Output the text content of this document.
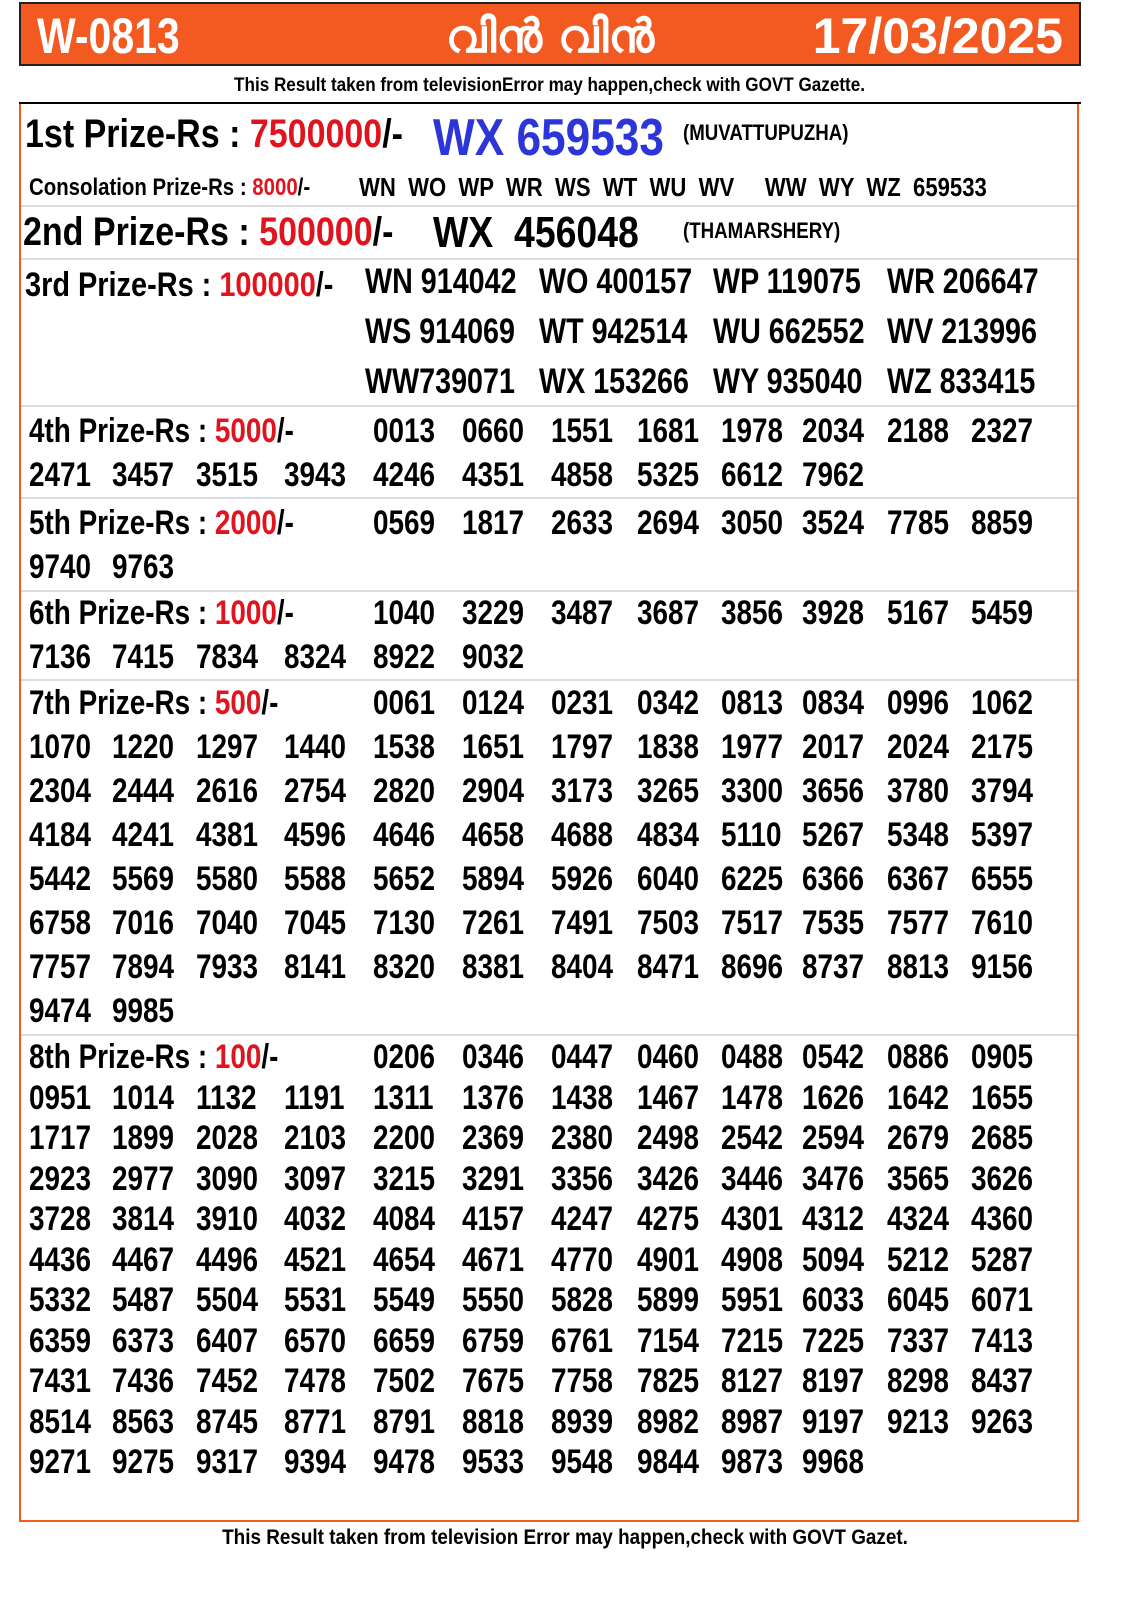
W-0813	വിൻ വിൻ	17/03/2025
This Result taken from televisionError may happen,check with GOVT Gazette.
1st Prize-Rs : 7500000/- WX 659533 (MUVATTUPUZHA)
Consolation Prize-Rs : 8000/-	WN  WO  WP  WR  WS  WT  WU  WV     WW  WY  WZ  659533
2nd Prize-Rs : 500000/- WX  456048	(THAMARSHERY)
3rd Prize-Rs : 100000/- WN 914042 WO 400157 WP 119075 WR 206647
WS 914069 WT 942514 WU 662552 WV 213996
WW739071 WX 153266 WY 935040 WZ 833415
4th Prize-Rs : 5000/-	0013 0660 1551 1681 1978 2034 2188 2327
2471 3457 3515 3943 4246 4351 4858 5325 6612 7962
5th Prize-Rs : 2000/-	0569 1817 2633 2694 3050 3524 7785 8859
9740 9763
6th Prize-Rs : 1000/-	1040 3229 3487 3687 3856 3928 5167 5459
7136 7415 7834 8324 8922 9032
7th Prize-Rs : 500/-	0061 0124 0231 0342 0813 0834 0996 1062
1070 1220 1297 1440 1538 1651 1797 1838 1977 2017 2024 2175
2304 2444 2616 2754 2820 2904 3173 3265 3300 3656 3780 3794
4184 4241 4381 4596 4646 4658 4688 4834 5110 5267 5348 5397
5442 5569 5580 5588 5652 5894 5926 6040 6225 6366 6367 6555
6758 7016 7040 7045 7130 7261 7491 7503 7517 7535 7577 7610
7757 7894 7933 8141 8320 8381 8404 8471 8696 8737 8813 9156
9474 9985
8th Prize-Rs : 100/-	0206 0346 0447 0460 0488 0542 0886 0905
0951 1014 1132 1191 1311 1376 1438 1467 1478 1626 1642 1655
1717 1899 2028 2103 2200 2369 2380 2498 2542 2594 2679 2685
2923 2977 3090 3097 3215 3291 3356 3426 3446 3476 3565 3626
3728 3814 3910 4032 4084 4157 4247 4275 4301 4312 4324 4360
4436 4467 4496 4521 4654 4671 4770 4901 4908 5094 5212 5287
5332 5487 5504 5531 5549 5550 5828 5899 5951 6033 6045 6071
6359 6373 6407 6570 6659 6759 6761 7154 7215 7225 7337 7413
7431 7436 7452 7478 7502 7675 7758 7825 8127 8197 8298 8437
8514 8563 8745 8771 8791 8818 8939 8982 8987 9197 9213 9263
9271 9275 9317 9394 9478 9533 9548 9844 9873 9968
This Result taken from television Error may happen,check with GOVT Gazet.
